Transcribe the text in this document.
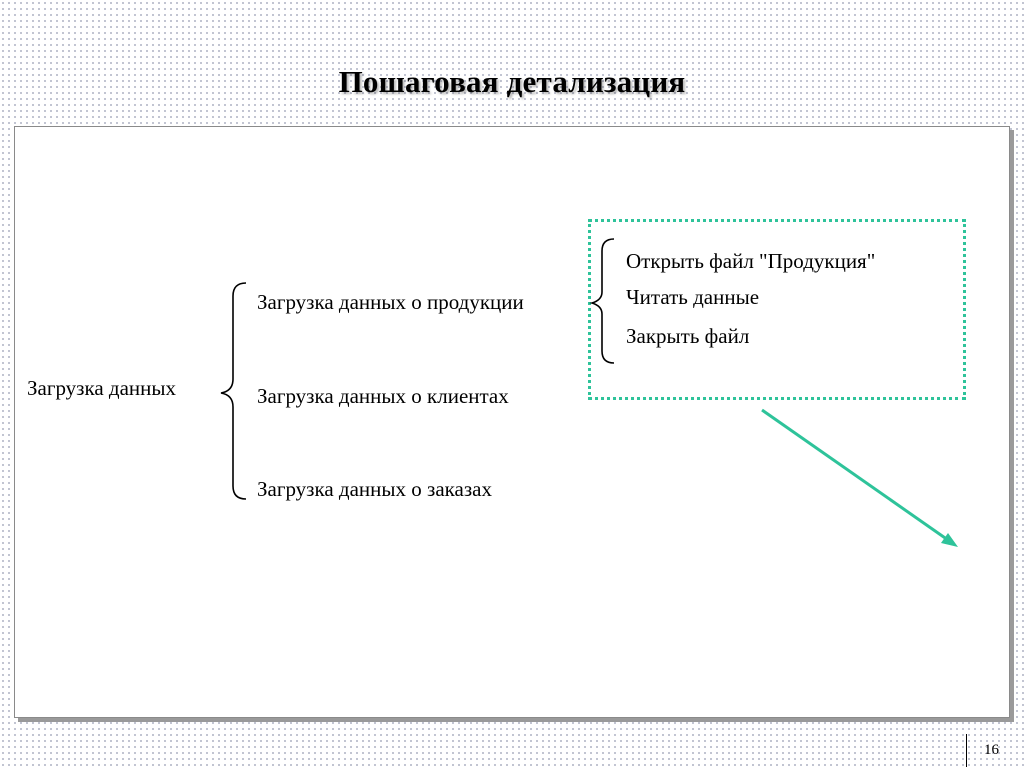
Пошаговая детализация
Загрузка данных
Загрузка данных о продукции
Загрузка данных о клиентах
Загрузка данных о заказах
Открыть файл "Продукция"
Читать данные
Закрыть файл
16
